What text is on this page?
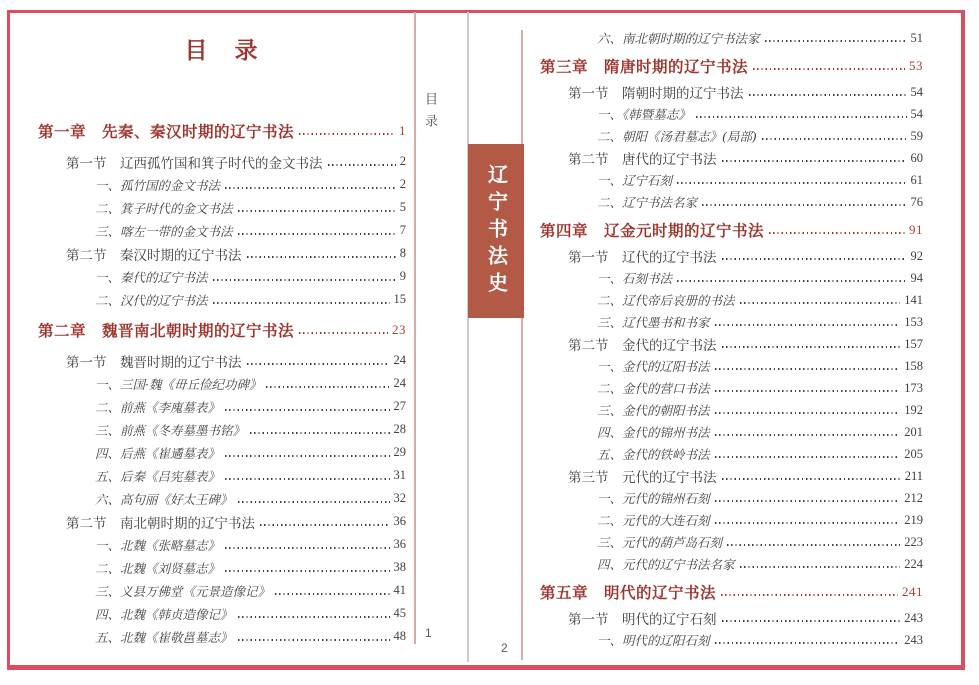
目　录
第一章　先秦、秦汉时期的辽宁书法	1
第一节　辽西孤竹国和箕子时代的金文书法	2
一、孤竹国的金文书法	2
二、箕子时代的金文书法	5
三、喀左一带的金文书法	7
第二节　秦汉时期的辽宁书法	8
一、秦代的辽宁书法	9
二、汉代的辽宁书法	15
第二章　魏晋南北朝时期的辽宁书法	23
第一节　魏晋时期的辽宁书法	24
一、三国·魏《毌丘俭纪功碑》	24
二、前燕《李廆墓表》	27
三、前燕《冬寿墓墨书铭》	28
四、后燕《崔遹墓表》	29
五、后秦《吕宪墓表》	31
六、高句丽《好太王碑》	32
第二节　南北朝时期的辽宁书法	36
一、北魏《张略墓志》	36
二、北魏《刘贤墓志》	38
三、义县万佛堂《元景造像记》	41
四、北魏《韩贞造像记》	45
五、北魏《崔敬邕墓志》	48
目录
辽宁书法史
1
2
六、南北朝时期的辽宁书法家	51
第三章　隋唐时期的辽宁书法	53
第一节　隋朝时期的辽宁书法	54
一、《韩暨墓志》	54
二、朝阳《汤君墓志》(局部)	59
第二节　唐代的辽宁书法	60
一、辽宁石刻	61
二、辽宁书法名家	76
第四章　辽金元时期的辽宁书法	91
第一节　辽代的辽宁书法	92
一、石刻书法	94
二、辽代帝后哀册的书法	141
三、辽代墨书和书家	153
第二节　金代的辽宁书法	157
一、金代的辽阳书法	158
二、金代的营口书法	173
三、金代的朝阳书法	192
四、金代的锦州书法	201
五、金代的铁岭书法	205
第三节　元代的辽宁书法	211
一、元代的锦州石刻	212
二、元代的大连石刻	219
三、元代的葫芦岛石刻	223
四、元代的辽宁书法名家	224
第五章　明代的辽宁书法	241
第一节　明代的辽宁石刻	243
一、明代的辽阳石刻	243
